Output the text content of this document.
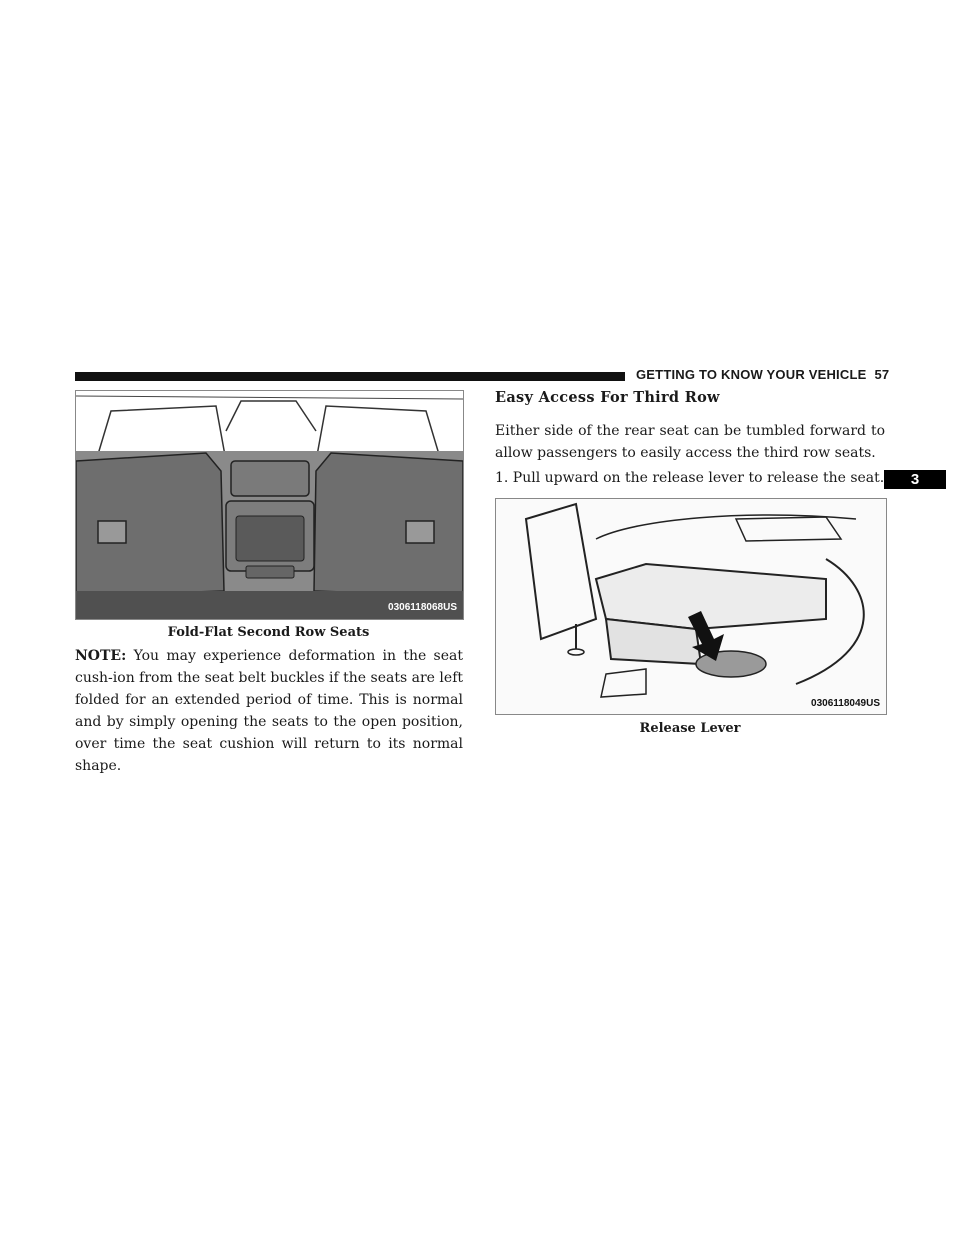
GETTING TO KNOW YOUR VEHICLE 57
3
0306118068US
Fold-Flat Second Row Seats

NOTE: You may experience deformation in the seat cush-ion from the seat belt buckles if the seats are left folded for an extended period of time. This is normal and by simply opening the seats to the open position, over time the seat cushion will return to its normal shape.

Easy Access For Third Row

Either side of the rear seat can be tumbled forward to allow passengers to easily access the third row seats.

1. Pull upward on the release lever to release the seat.

0306118049US
Release Lever
